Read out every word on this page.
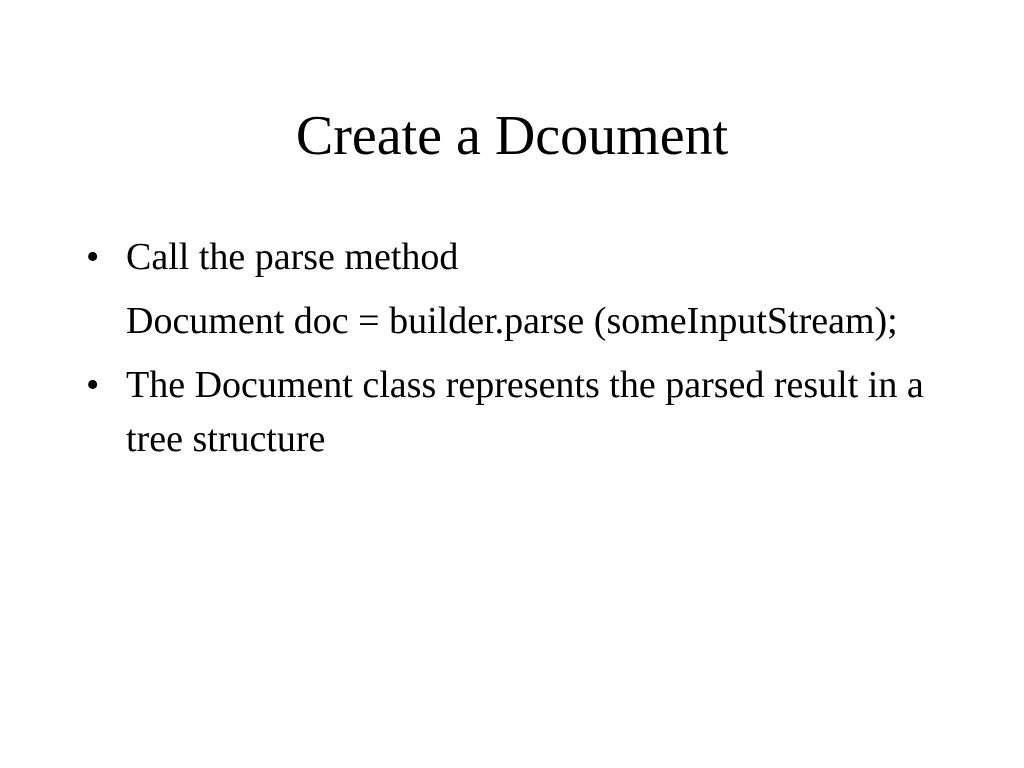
Create a Dcoument
• Call the parse method
Document doc = builder.parse (someInputStream);
• The Document class represents the parsed result in a tree structure
